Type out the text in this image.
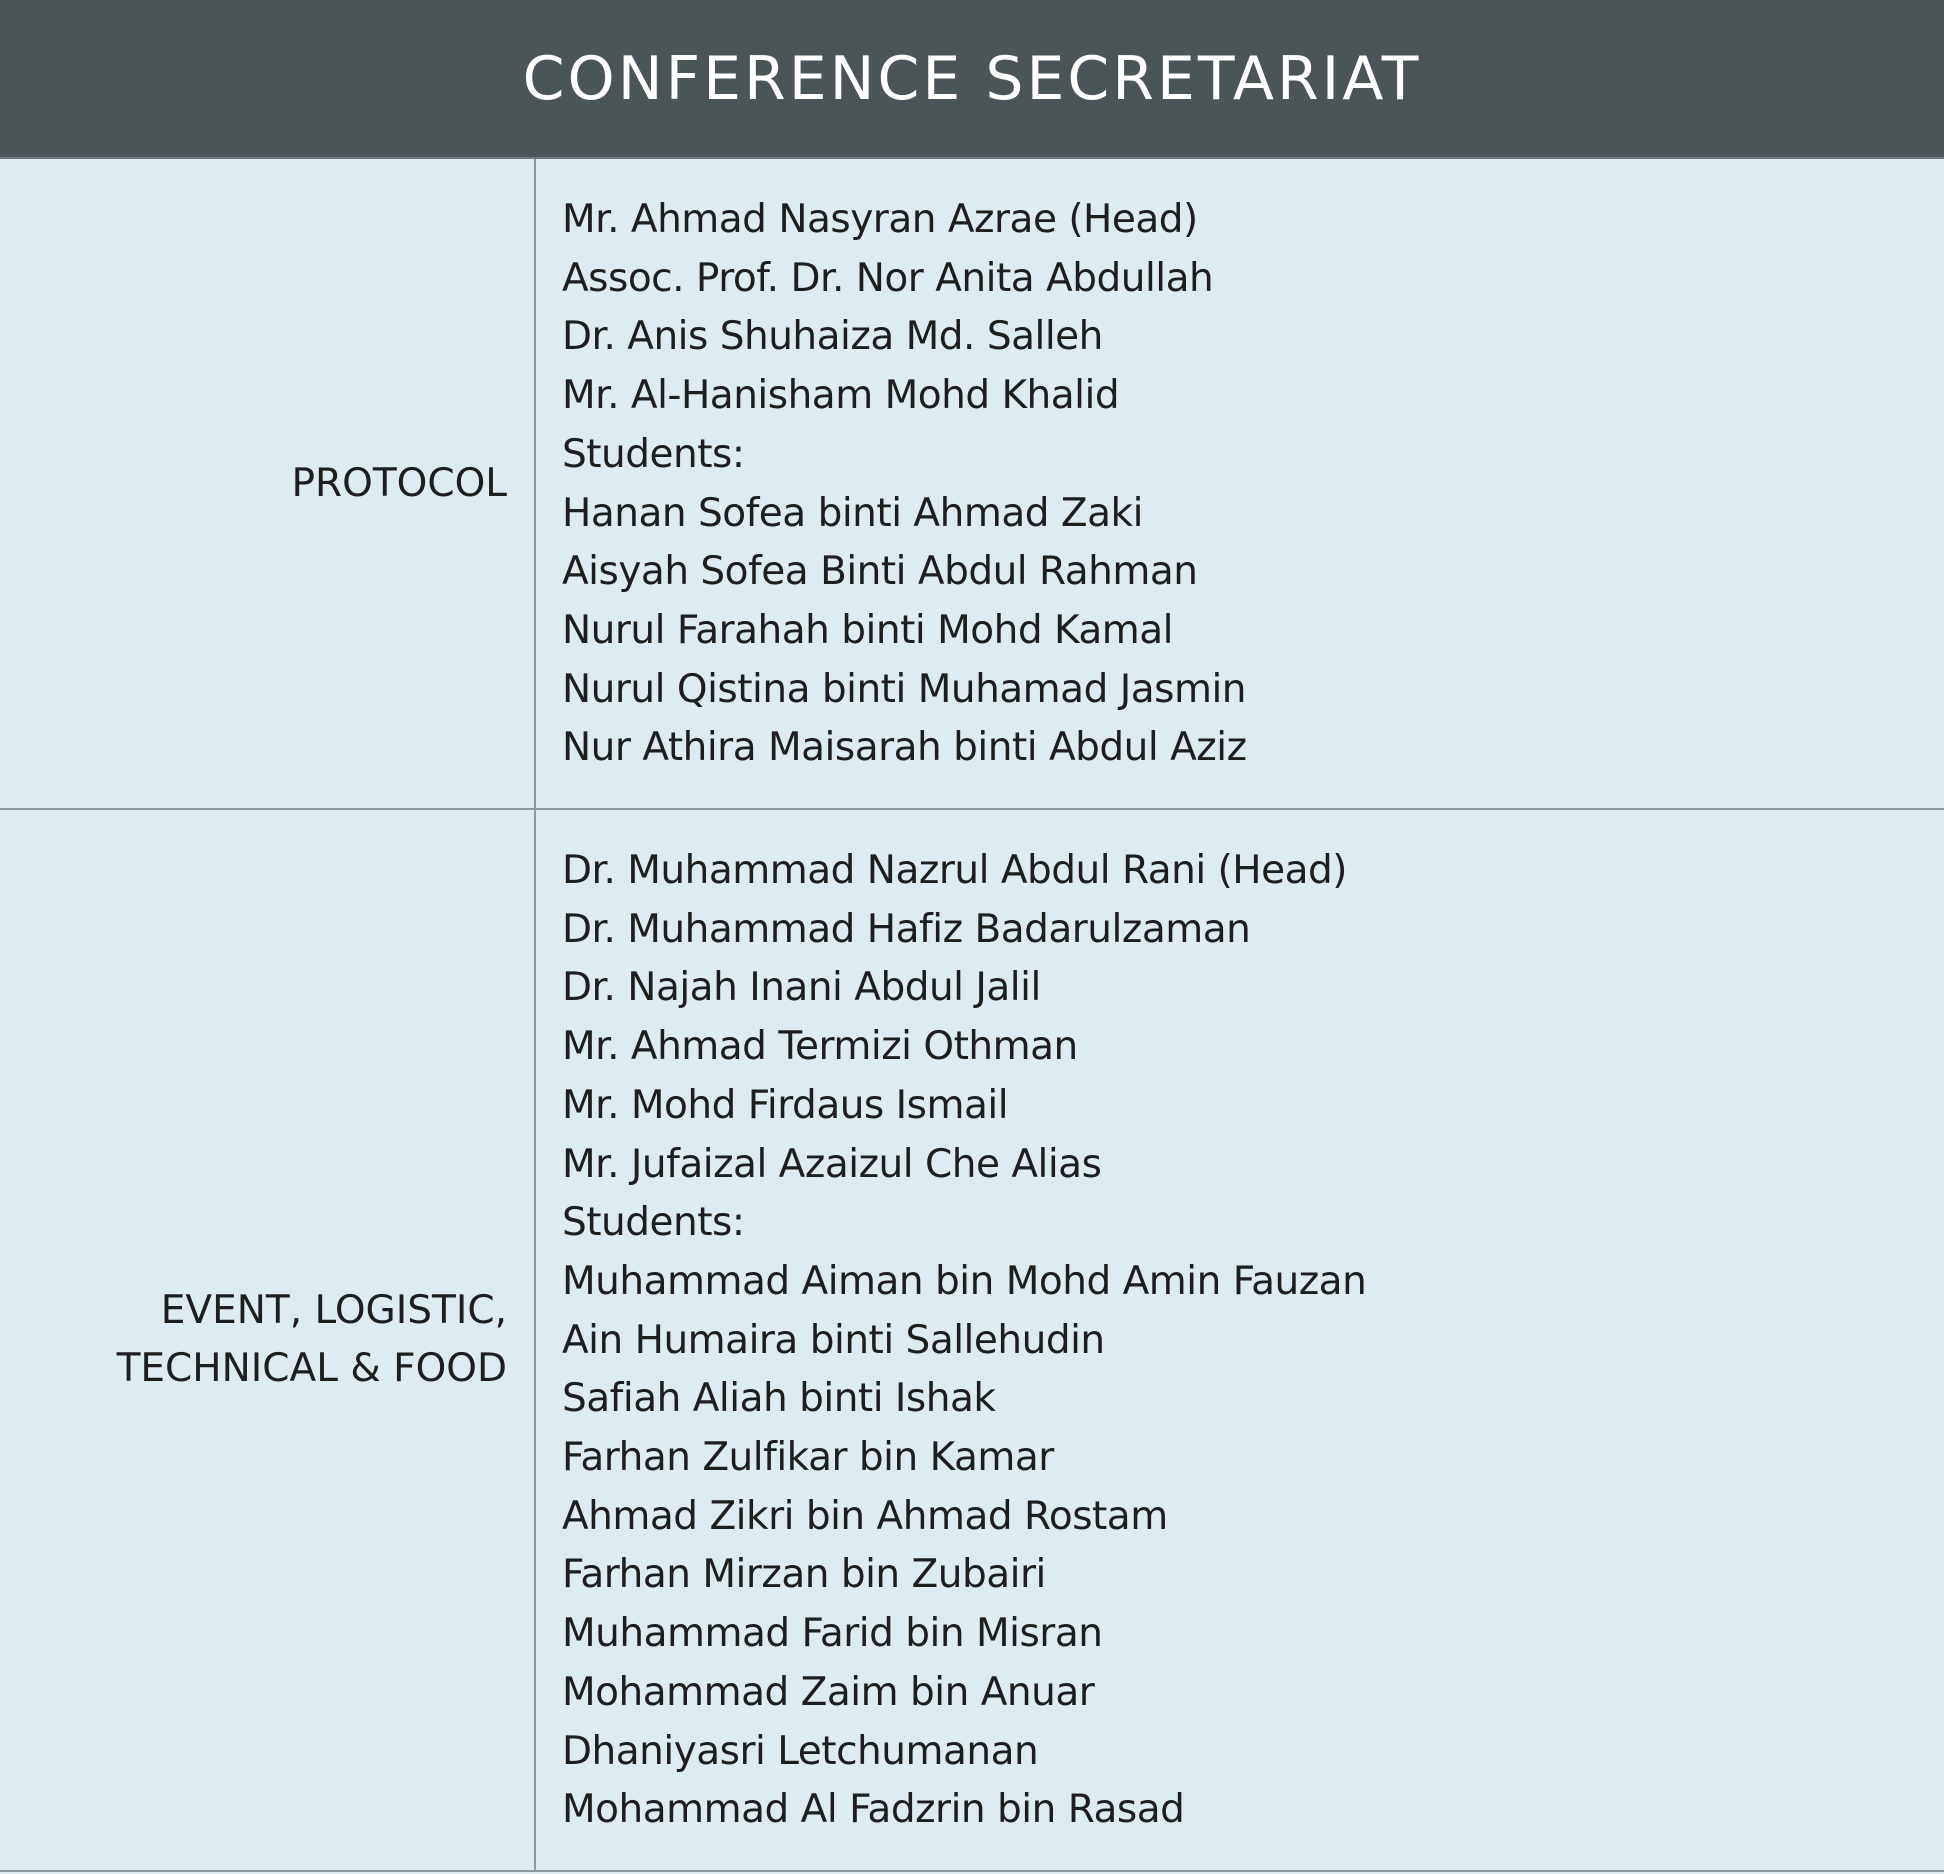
CONFERENCE SECRETARIAT
PROTOCOL
Mr. Ahmad Nasyran Azrae (Head)
Assoc. Prof. Dr. Nor Anita Abdullah
Dr. Anis Shuhaiza Md. Salleh
Mr. Al-Hanisham Mohd Khalid
Students:
Hanan Sofea binti Ahmad Zaki
Aisyah Sofea Binti Abdul Rahman
Nurul Farahah binti Mohd Kamal
Nurul Qistina binti Muhamad Jasmin
Nur Athira Maisarah binti Abdul Aziz
EVENT, LOGISTIC,
TECHNICAL & FOOD
Dr. Muhammad Nazrul Abdul Rani (Head)
Dr. Muhammad Hafiz Badarulzaman
Dr. Najah Inani Abdul Jalil
Mr. Ahmad Termizi Othman
Mr. Mohd Firdaus Ismail
Mr. Jufaizal Azaizul Che Alias
Students:
Muhammad Aiman bin Mohd Amin Fauzan
Ain Humaira binti Sallehudin
Safiah Aliah binti Ishak
Farhan Zulfikar bin Kamar
Ahmad Zikri bin Ahmad Rostam
Farhan Mirzan bin Zubairi
Muhammad Farid bin Misran
Mohammad Zaim bin Anuar
Dhaniyasri Letchumanan
Mohammad Al Fadzrin bin Rasad
